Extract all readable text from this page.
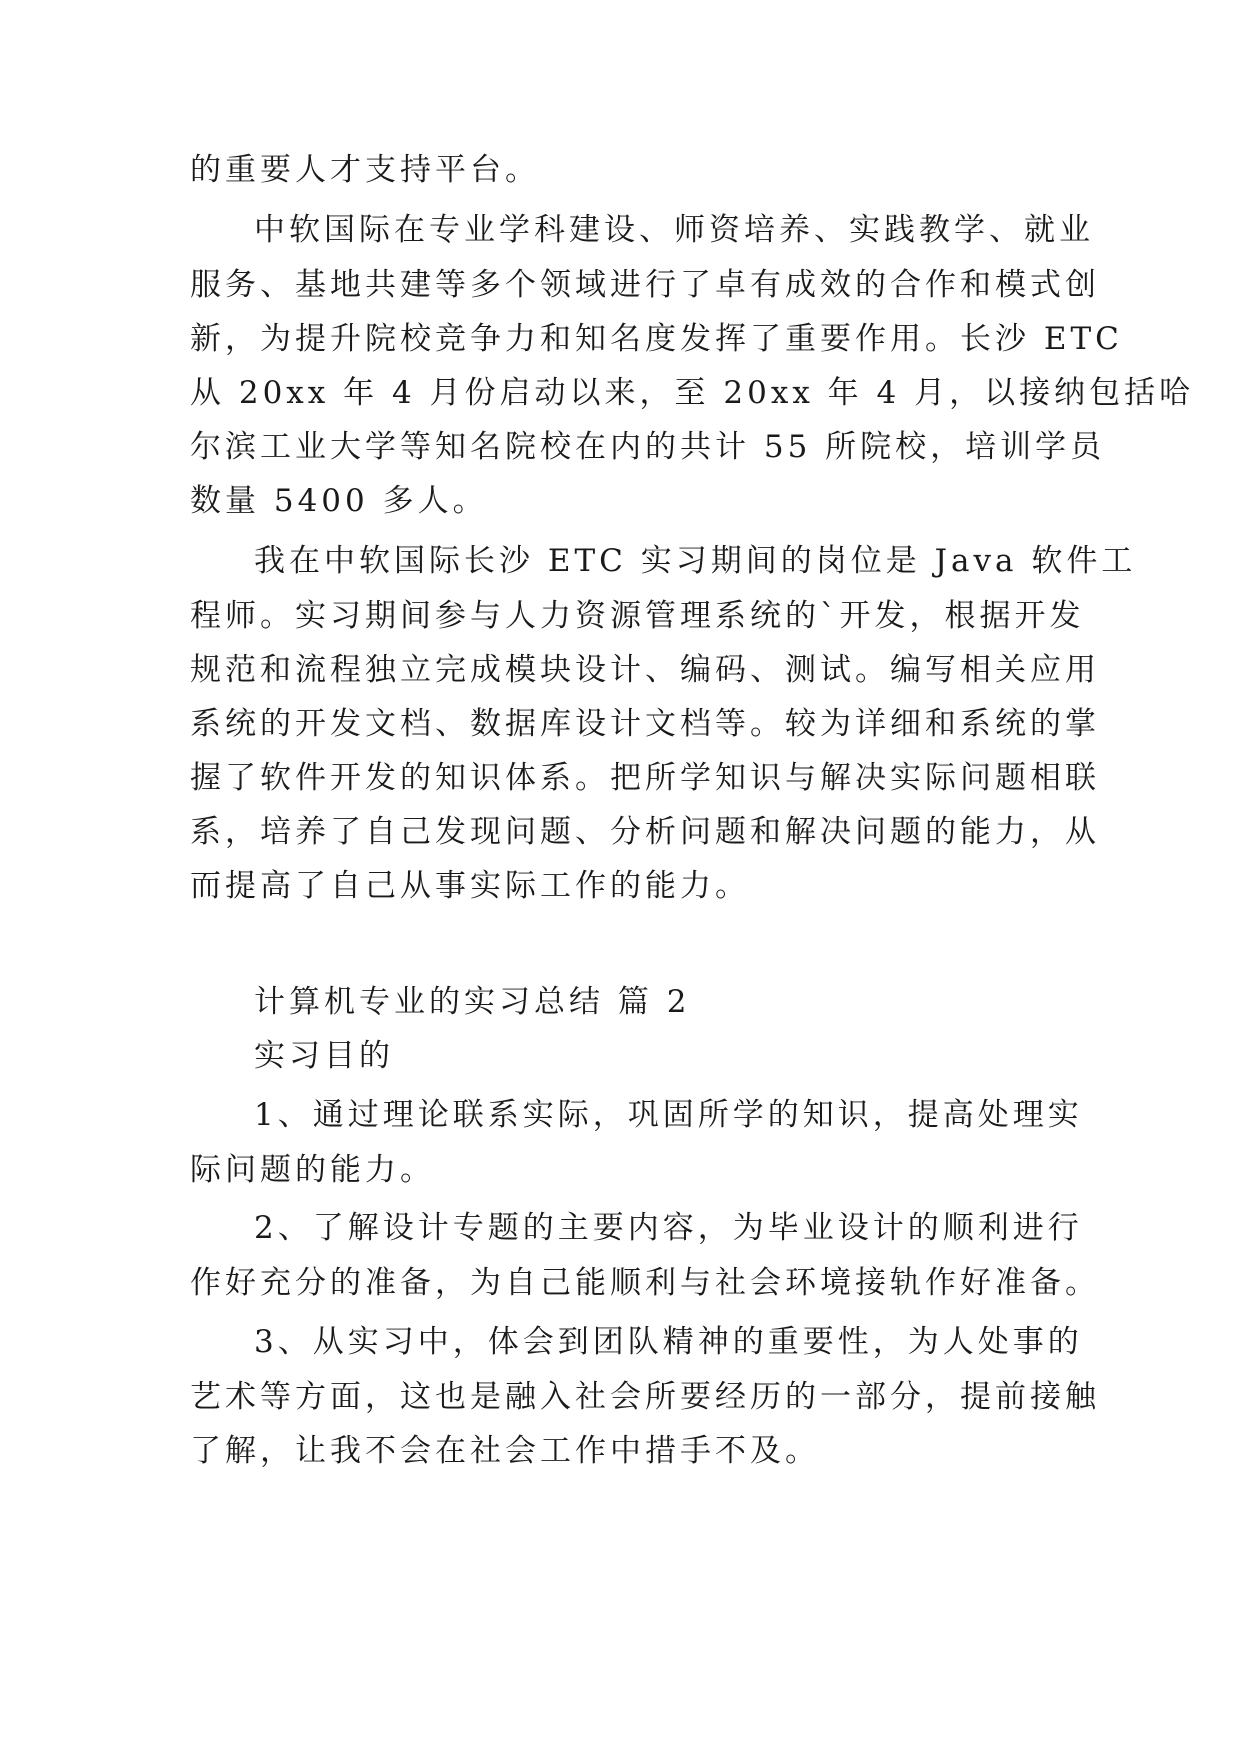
的重要人才支持平台。
中软国际在专业学科建设、师资培养、实践教学、就业
服务、基地共建等多个领域进行了卓有成效的合作和模式创
新，为提升院校竞争力和知名度发挥了重要作用。长沙 ETC
从 20xx 年 4 月份启动以来，至 20xx 年 4 月，以接纳包括哈
尔滨工业大学等知名院校在内的共计 55 所院校，培训学员
数量 5400 多人。
我在中软国际长沙 ETC 实习期间的岗位是 Java 软件工
程师。实习期间参与人力资源管理系统的`开发，根据开发
规范和流程独立完成模块设计、编码、测试。编写相关应用
系统的开发文档、数据库设计文档等。较为详细和系统的掌
握了软件开发的知识体系。把所学知识与解决实际问题相联
系，培养了自己发现问题、分析问题和解决问题的能力，从
而提高了自己从事实际工作的能力。
计算机专业的实习总结 篇 2
实习目的
1、通过理论联系实际，巩固所学的知识，提高处理实
际问题的能力。
2、了解设计专题的主要内容，为毕业设计的顺利进行
作好充分的准备，为自己能顺利与社会环境接轨作好准备。
3、从实习中，体会到团队精神的重要性，为人处事的
艺术等方面，这也是融入社会所要经历的一部分，提前接触
了解，让我不会在社会工作中措手不及。
